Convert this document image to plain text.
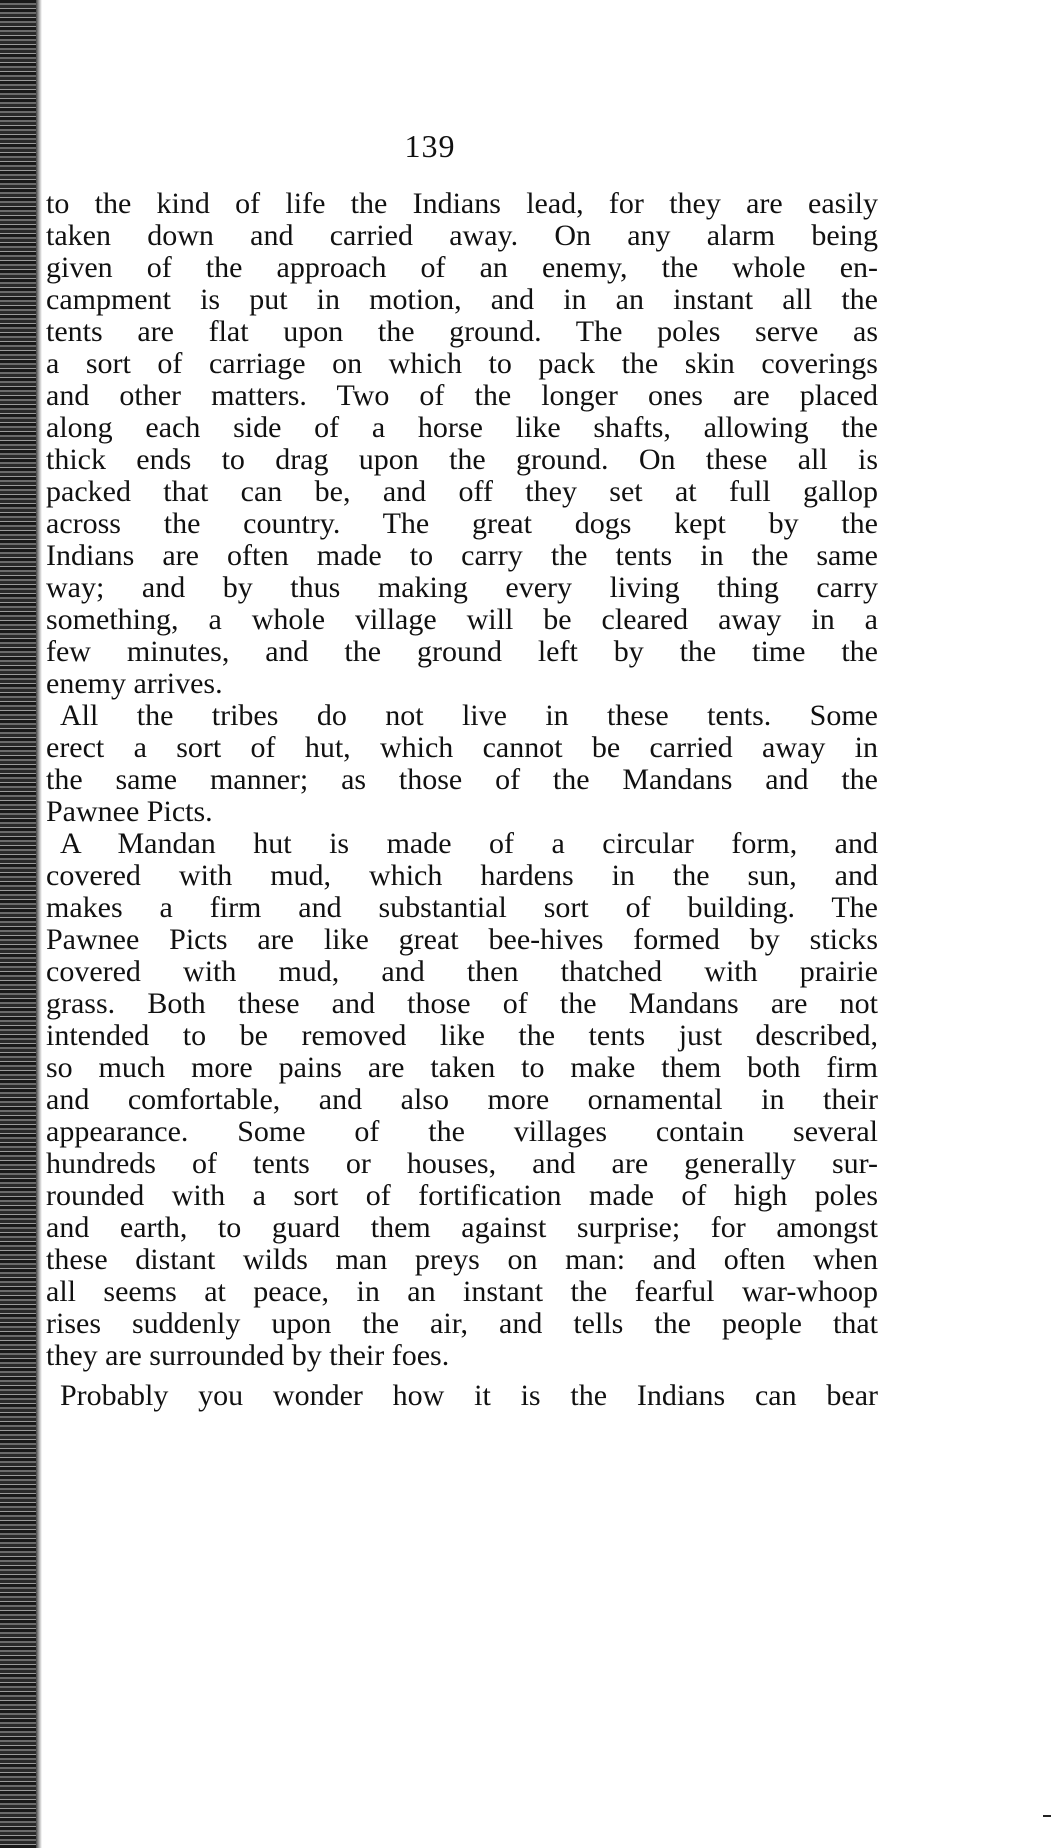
139
to the kind of life the Indians lead, for they are easily
taken down and carried away. On any alarm being
given of the approach of an enemy, the whole en-
campment is put in motion, and in an instant all the
tents are flat upon the ground. The poles serve as
a sort of carriage on which to pack the skin coverings
and other matters. Two of the longer ones are placed
along each side of a horse like shafts, allowing the
thick ends to drag upon the ground. On these all is
packed that can be, and off they set at full gallop
across the country. The great dogs kept by the
Indians are often made to carry the tents in the same
way; and by thus making every living thing carry
something, a whole village will be cleared away in a
few minutes, and the ground left by the time the
enemy arrives.
All the tribes do not live in these tents. Some
erect a sort of hut, which cannot be carried away in
the same manner; as those of the Mandans and the
Pawnee Picts.
A Mandan hut is made of a circular form, and
covered with mud, which hardens in the sun, and
makes a firm and substantial sort of building. The
Pawnee Picts are like great bee-hives formed by sticks
covered with mud, and then thatched with prairie
grass. Both these and those of the Mandans are not
intended to be removed like the tents just described,
so much more pains are taken to make them both firm
and comfortable, and also more ornamental in their
appearance. Some of the villages contain several
hundreds of tents or houses, and are generally sur-
rounded with a sort of fortification made of high poles
and earth, to guard them against surprise; for amongst
these distant wilds man preys on man: and often when
all seems at peace, in an instant the fearful war-whoop
rises suddenly upon the air, and tells the people that
they are surrounded by their foes.
Probably you wonder how it is the Indians can bear
